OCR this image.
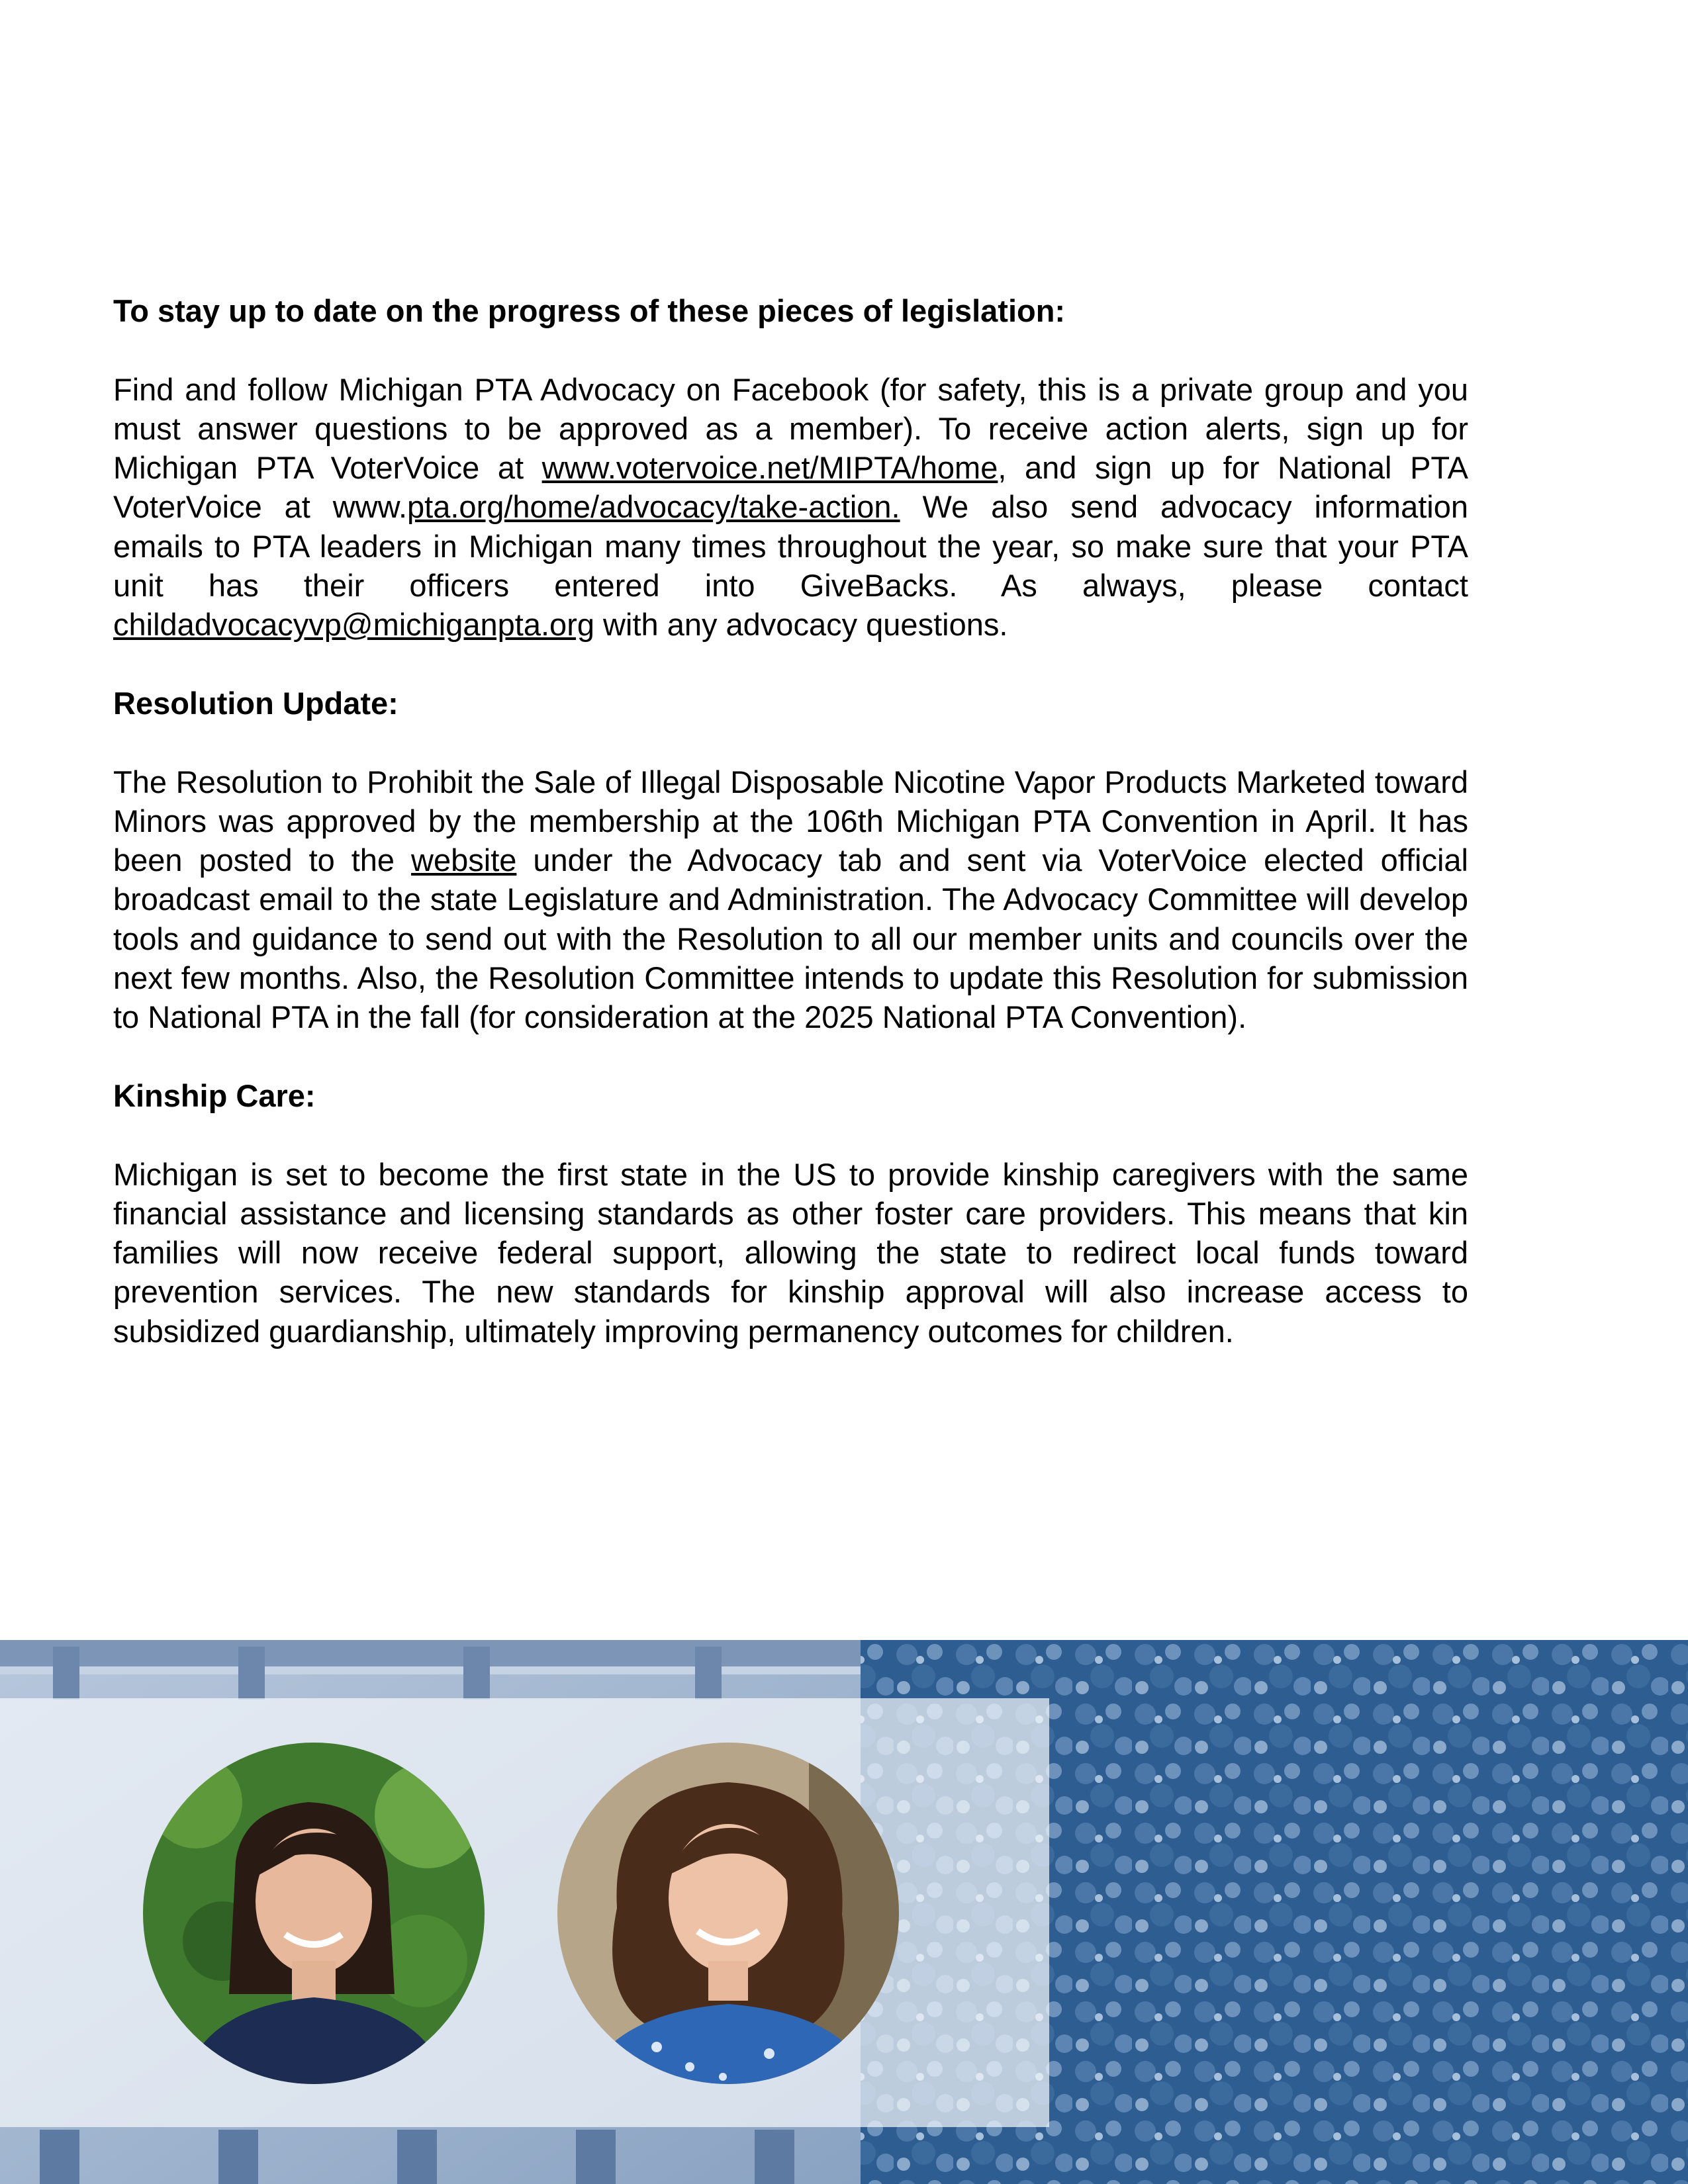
To stay up to date on the progress of these pieces of legislation:

Find and follow Michigan PTA Advocacy on Facebook (for safety, this is a private group and you must answer questions to be approved as a member). To receive action alerts, sign up for Michigan PTA VoterVoice at www.votervoice.net/MIPTA/home, and sign up for National PTA VoterVoice at www.pta.org/home/advocacy/take-action. We also send advocacy information emails to PTA leaders in Michigan many times throughout the year, so make sure that your PTA unit has their officers entered into GiveBacks. As always, please contact childadvocacyvp@michiganpta.org with any advocacy questions.

Resolution Update:

The Resolution to Prohibit the Sale of Illegal Disposable Nicotine Vapor Products Marketed toward Minors was approved by the membership at the 106th Michigan PTA Convention in April. It has been posted to the website under the Advocacy tab and sent via VoterVoice elected official broadcast email to the state Legislature and Administration. The Advocacy Committee will develop tools and guidance to send out with the Resolution to all our member units and councils over the next few months. Also, the Resolution Committee intends to update this Resolution for submission to National PTA in the fall (for consideration at the 2025 National PTA Convention).

Kinship Care:

Michigan is set to become the first state in the US to provide kinship caregivers with the same financial assistance and licensing standards as other foster care providers. This means that kin families will now receive federal support, allowing the state to redirect local funds toward prevention services. The new standards for kinship approval will also increase access to subsidized guardianship, ultimately improving permanency outcomes for children.
